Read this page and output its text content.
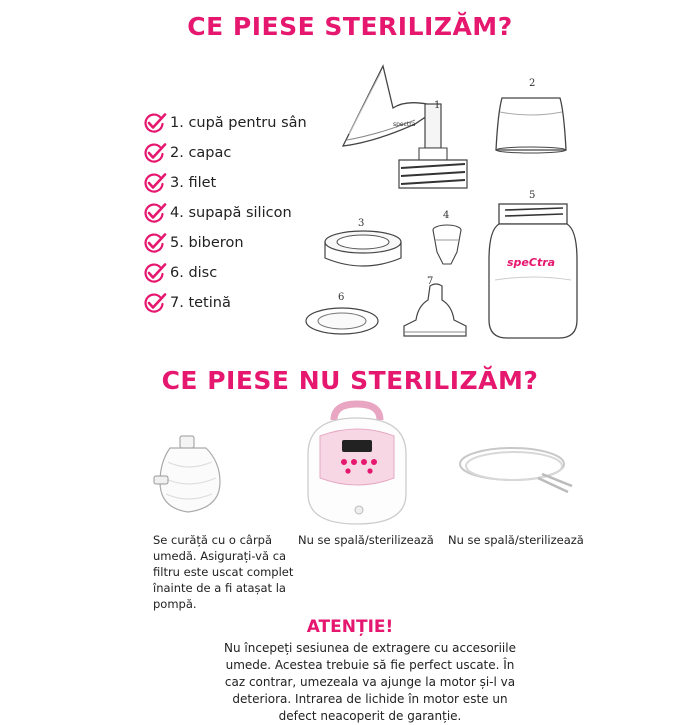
CE PIESE STERILIZĂM?
1. cupă pentru sân
2. capac
3. filet
4. supapă silicon
5. biberon
6. disc
7. tetină
spectra
1
2
3
4
speCtra
5
6
7
CE PIESE NU STERILIZĂM?
Se curăță cu o cârpă umedă. Asigurați-vă ca filtru este uscat complet înainte de a fi atașat la pompă.
Nu se spală/sterilizează	Nu se spală/sterilizează
ATENȚIE!
Nu începeți sesiunea de extragere cu accesoriile umede. Acestea trebuie să fie perfect uscate. În caz contrar, umezeala va ajunge la motor și-l va deteriora. Intrarea de lichide în motor este un defect neacoperit de garanție.
